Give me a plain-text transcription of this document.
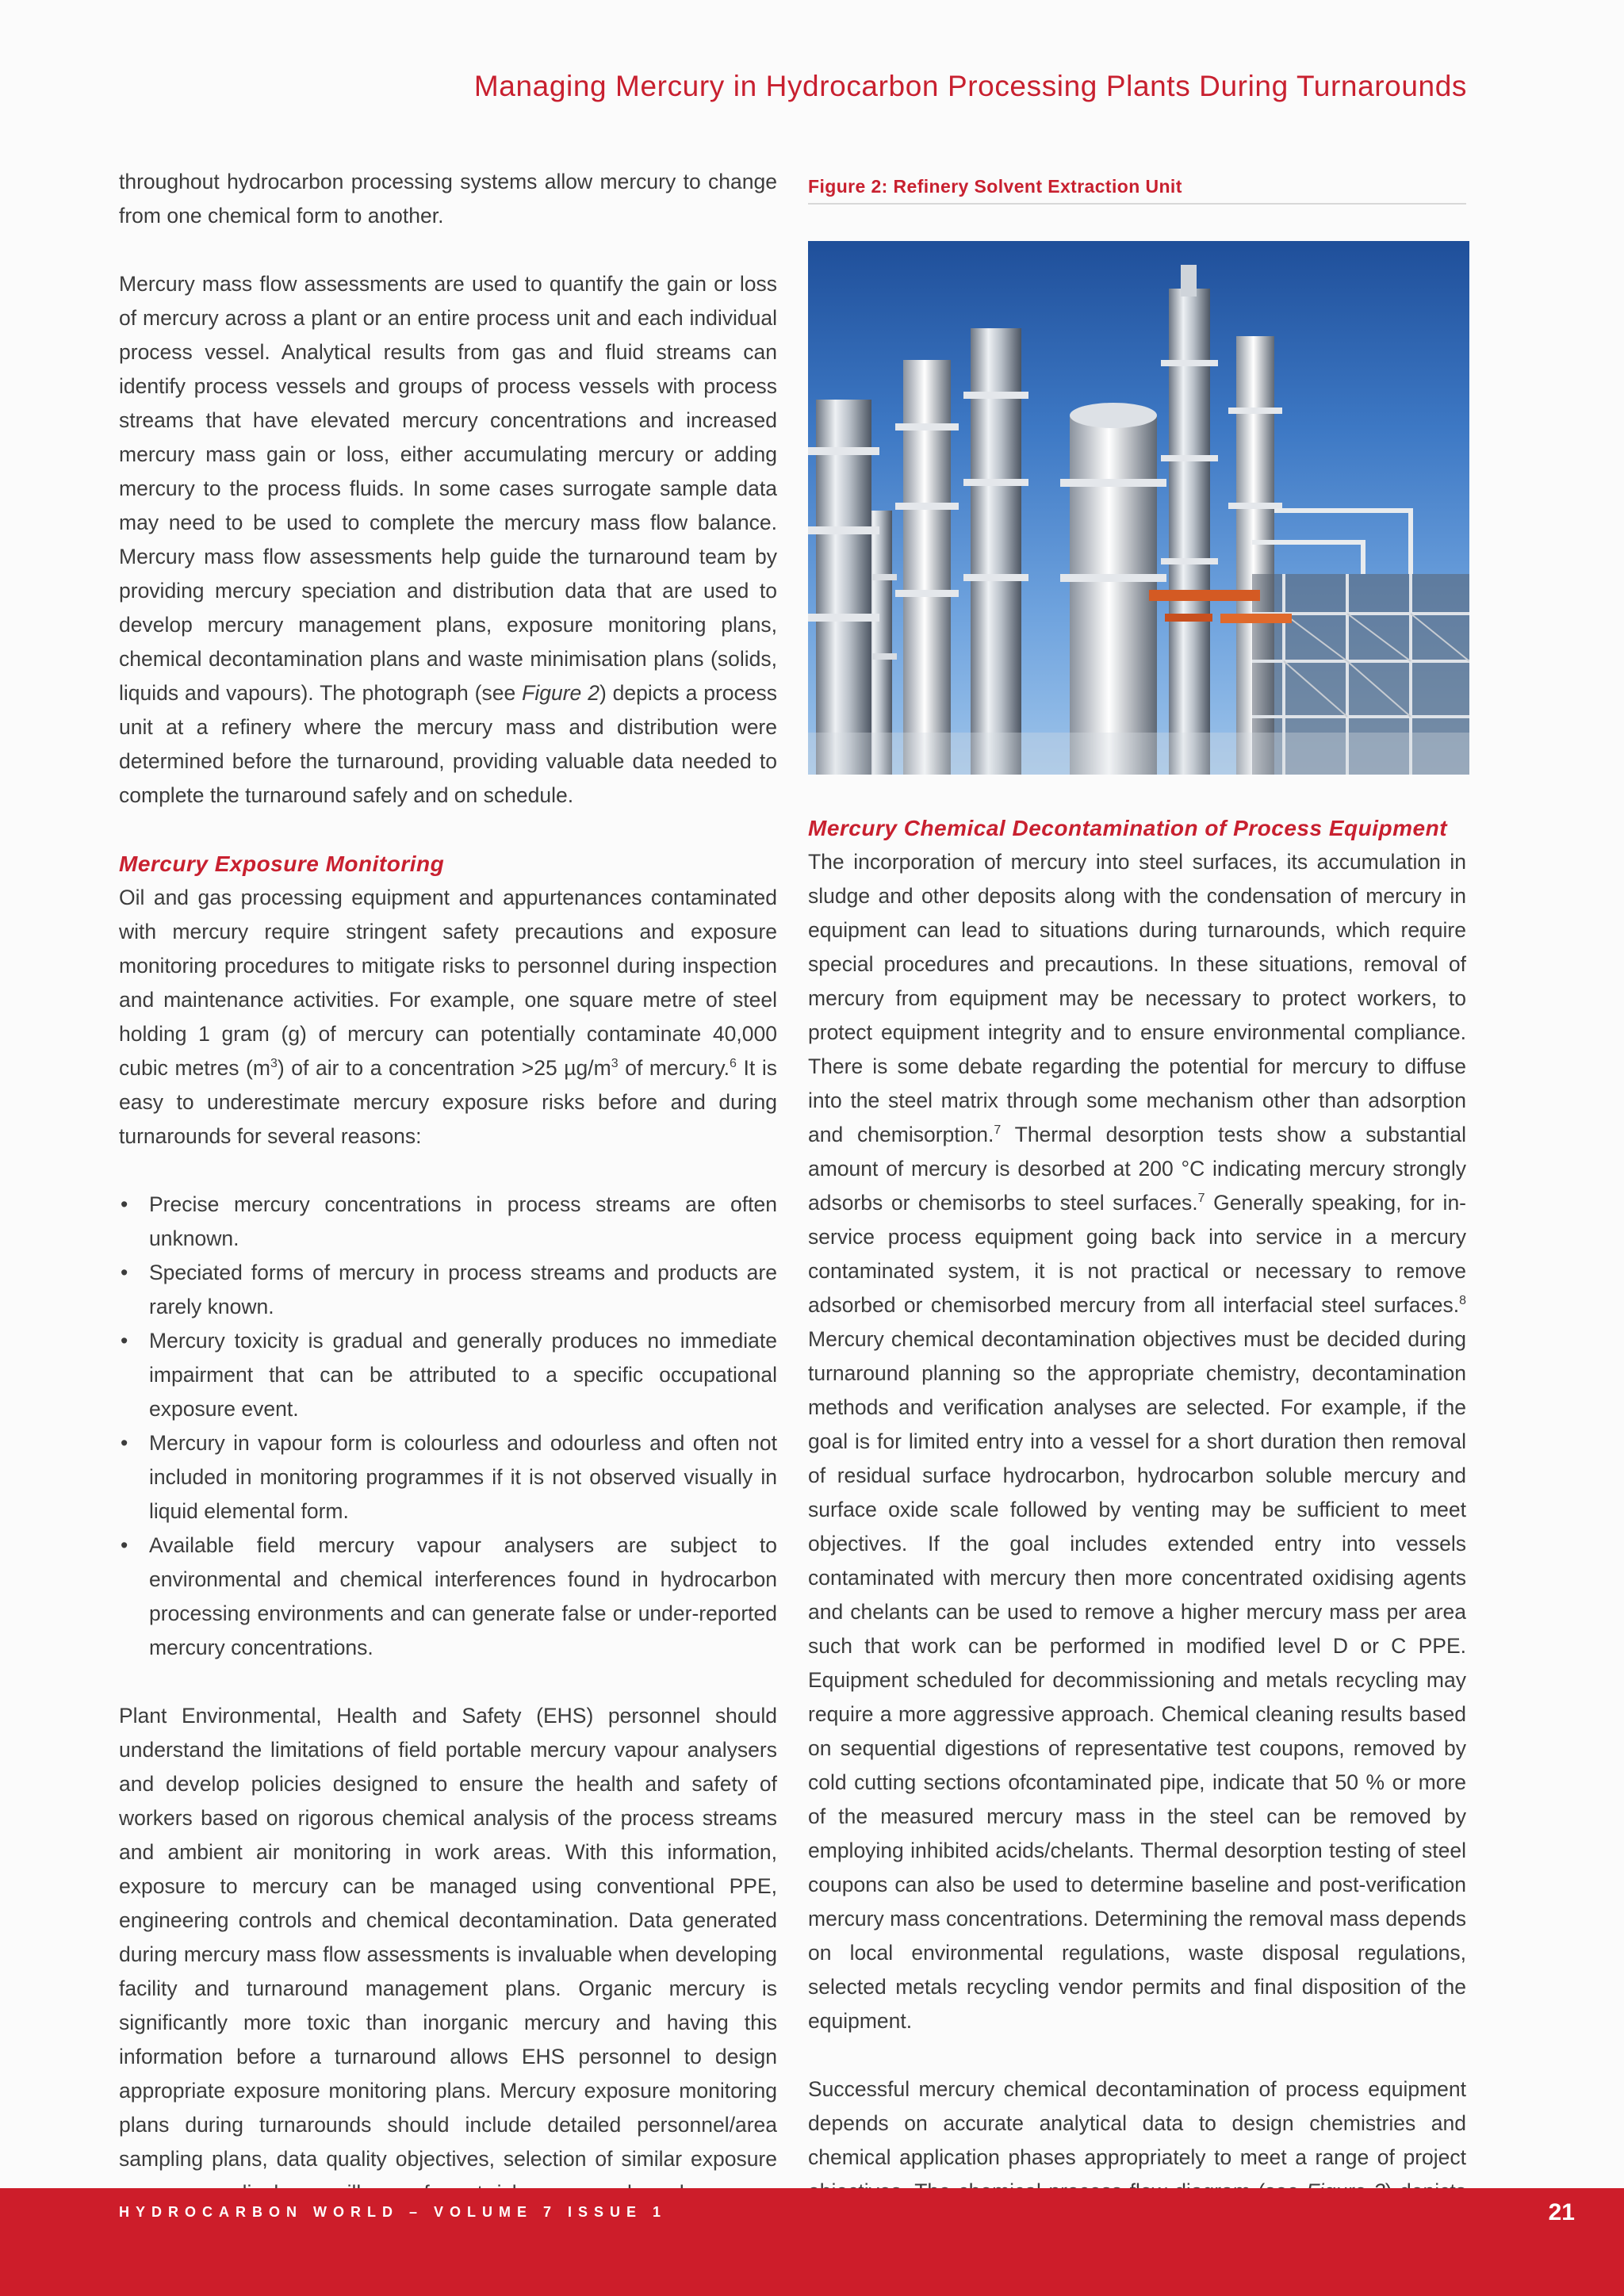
Managing Mercury in Hydrocarbon Processing Plants During Turnarounds

throughout hydrocarbon processing systems allow mercury to change from one chemical form to another.

Mercury mass flow assessments are used to quantify the gain or loss of mercury across a plant or an entire process unit and each individual process vessel. Analytical results from gas and fluid streams can identify process vessels and groups of process vessels with process streams that have elevated mercury concentrations and increased mercury mass gain or loss, either accumulating mercury or adding mercury to the process fluids. In some cases surrogate sample data may need to be used to complete the mercury mass flow balance. Mercury mass flow assessments help guide the turnaround team by providing mercury speciation and distribution data that are used to develop mercury management plans, exposure monitoring plans, chemical decontamination plans and waste minimisation plans (solids, liquids and vapours). The photograph (see Figure 2) depicts a process unit at a refinery where the mercury mass and distribution were determined before the turnaround, providing valuable data needed to complete the turnaround safely and on schedule.

Mercury Exposure Monitoring

Oil and gas processing equipment and appurtenances contaminated with mercury require stringent safety precautions and exposure monitoring procedures to mitigate risks to personnel during inspection and maintenance activities. For example, one square metre of steel holding 1 gram (g) of mercury can potentially contaminate 40,000 cubic metres $(m^3)$ of air to a concentration >25 $\mu g/m^3$ of mercury.$^6$ It is easy to underestimate mercury exposure risks before and during turnarounds for several reasons:

• Precise mercury concentrations in process streams are often unknown.
• Speciated forms of mercury in process streams and products are rarely known.
• Mercury toxicity is gradual and generally produces no immediate impairment that can be attributed to a specific occupational exposure event.
• Mercury in vapour form is colourless and odourless and often not included in monitoring programmes if it is not observed visually in liquid elemental form.
• Available field mercury vapour analysers are subject to environmental and chemical interferences found in hydrocarbon processing environments and can generate false or under-reported mercury concentrations.

Plant Environmental, Health and Safety (EHS) personnel should understand the limitations of field portable mercury vapour analysers and develop policies designed to ensure the health and safety of workers based on rigorous chemical analysis of the process streams and ambient air monitoring in work areas. With this information, exposure to mercury can be managed using conventional PPE, engineering controls and chemical decontamination. Data generated during mercury mass flow assessments is invaluable when developing facility and turnaround management plans. Organic mercury is significantly more toxic than inorganic mercury and having this information before a turnaround allows EHS personnel to design appropriate exposure monitoring plans. Mercury exposure monitoring plans during turnarounds should include detailed personnel/area sampling plans, data quality objectives, selection of similar exposure

Figure 2: Refinery Solvent Extraction Unit
Mercury Chemical Decontamination of Process Equipment

The incorporation of mercury into steel surfaces, its accumulation in sludge and other deposits along with the condensation of mercury in equipment can lead to situations during turnarounds, which require special procedures and precautions. In these situations, removal of mercury from equipment may be necessary to protect workers, to protect equipment integrity and to ensure environmental compliance. There is some debate regarding the potential for mercury to diffuse into the steel matrix through some mechanism other than adsorption and chemisorption.$^7$ Thermal desorption tests show a substantial amount of mercury is desorbed at 200 °C indicating mercury strongly adsorbs or chemisorbs to steel surfaces.$^7$ Generally speaking, for in-service process equipment going back into service in a mercury contaminated system, it is not practical or necessary to remove adsorbed or chemisorbed mercury from all interfacial steel surfaces.$^8$ Mercury chemical decontamination objectives must be decided during turnaround planning so the appropriate chemistry, decontamination methods and verification analyses are selected. For example, if the goal is for limited entry into a vessel for a short duration then removal of residual surface hydrocarbon, hydrocarbon soluble mercury and surface oxide scale followed by venting may be sufficient to meet objectives. If the goal includes extended entry into vessels contaminated with mercury then more concentrated oxidising agents and chelants can be used to remove a higher mercury mass per area such that work can be performed in modified level D or C PPE. Equipment scheduled for decommissioning and metals recycling may require a more aggressive approach. Chemical cleaning results based on sequential digestions of representative test coupons, removed by cold cutting sections ofcontaminated pipe, indicate that 50 % or more of the measured mercury mass in the steel can be removed by employing inhibited acids/chelants. Thermal desorption testing of steel coupons can also be used to determine baseline and post-verification mercury mass concentrations. Determining the removal mass depends on local environmental regulations, waste disposal regulations, selected metals recycling vendor permits and final disposition of the equipment.

Successful mercury chemical decontamination of process equipment depends on accurate analytical data to design chemistries and chemical application phases appropriately to meet a range of project

HYDROCARBON WORLD – VOLUME 7 ISSUE 1	21
